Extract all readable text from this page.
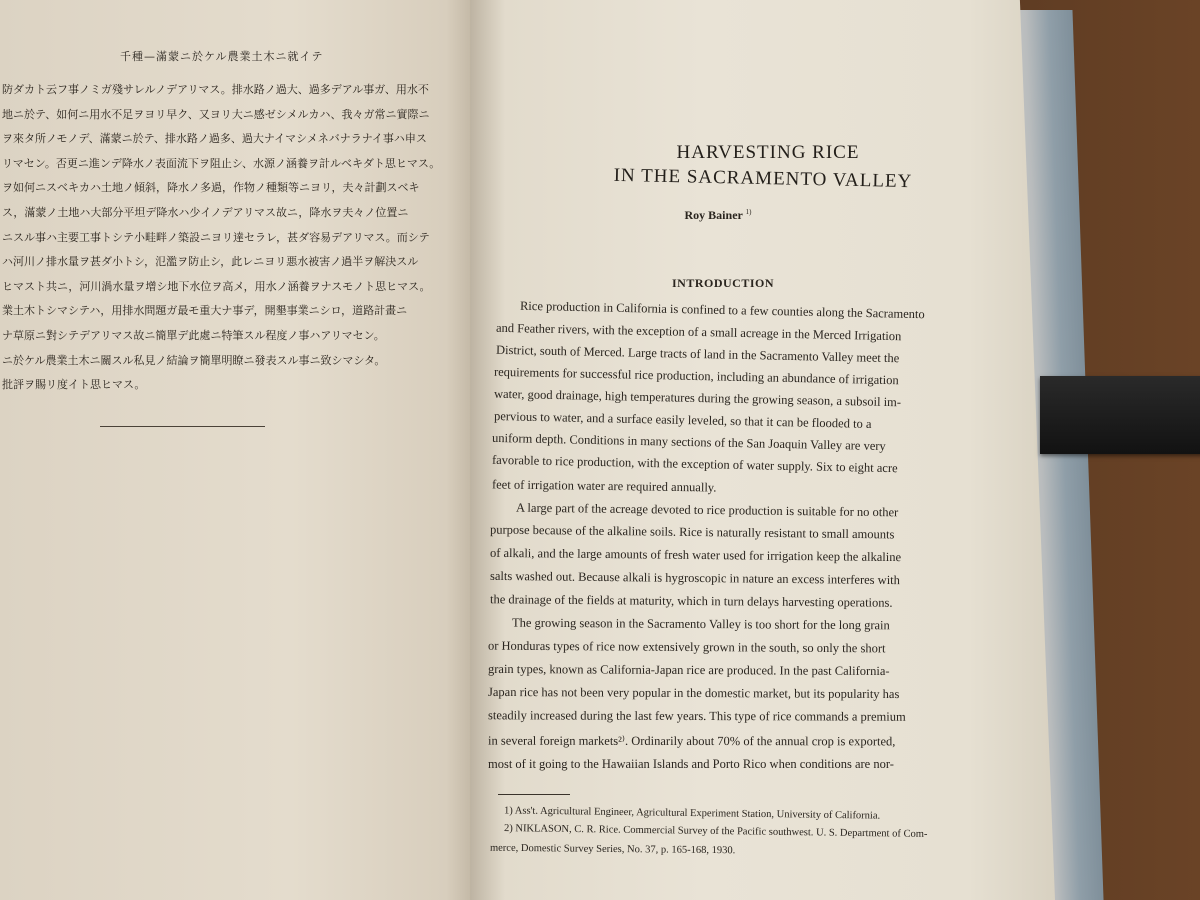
千種—滿蒙ニ於ケル農業土木ニ就イテ
防ダカト云フ事ノミガ殘サレルノデアリマス。排水路ノ過大、過多デアル事ガ、用水不
地ニ於テ、如何ニ用水不足ヲヨリ早ク、又ヨリ大ニ感ゼシメルカハ、我々ガ常ニ實際ニ
ヲ來タ所ノモノデ、滿蒙ニ於テ、排水路ノ過多、過大ナイマシメネバナラナイ事ハ申ス
リマセン。否更ニ進ンデ降水ノ表面流下ヲ阻止シ、水源ノ涵養ヲ計ルベキダト思ヒマス。
ヲ如何ニスベキカハ土地ノ傾斜，降水ノ多過，作物ノ種類等ニヨリ，夫々計劃スベキ
ス，滿蒙ノ土地ハ大部分平坦デ降水ハ少イノデアリマス故ニ，降水ヲ夫々ノ位置ニ
ニスル事ハ主要工事トシテ小畦畔ノ築設ニヨリ達セラレ，甚ダ容易デアリマス。而シテ
ハ河川ノ排水量ヲ甚ダ小トシ，氾濫ヲ防止シ，此レニヨリ悪水被害ノ過半ヲ解決スル
ヒマスト共ニ，河川渦水量ヲ增シ地下水位ヲ高メ，用水ノ涵養ヲナスモノト思ヒマス。
業土木トシマシテハ，用排水問題ガ最モ重大ナ事デ，開墾事業ニシロ，道路計畫ニ
ナ草原ニ對シテデアリマス故ニ簡單デ此處ニ特筆スル程度ノ事ハアリマセン。
ニ於ケル農業土木ニ關スル私見ノ結論ヲ簡單明瞭ニ發表スル事ニ致シマシタ。
批評ヲ賜リ度イト思ヒマス。
HARVESTING RICE
IN THE SACRAMENTO VALLEY
Roy Bainer $^{1)}$
INTRODUCTION
Rice production in California is confined to a few counties along the Sacramento
and Feather rivers, with the exception of a small acreage in the Merced Irrigation
District, south of Merced. Large tracts of land in the Sacramento Valley meet the
requirements for successful rice production, including an abundance of irrigation
water, good drainage, high temperatures during the growing season, a subsoil im-
pervious to water, and a surface easily leveled, so that it can be flooded to a
uniform depth. Conditions in many sections of the San Joaquin Valley are very
favorable to rice production, with the exception of water supply. Six to eight acre
feet of irrigation water are required annually.
A large part of the acreage devoted to rice production is suitable for no other
purpose because of the alkaline soils. Rice is naturally resistant to small amounts
of alkali, and the large amounts of fresh water used for irrigation keep the alkaline
salts washed out. Because alkali is hygroscopic in nature an excess interferes with
the drainage of the fields at maturity, which in turn delays harvesting operations.
The growing season in the Sacramento Valley is too short for the long grain
or Honduras types of rice now extensively grown in the south, so only the short
grain types, known as California-Japan rice are produced. In the past California-
Japan rice has not been very popular in the domestic market, but its popularity has
steadily increased during the last few years. This type of rice commands a premium
in several foreign markets²⁾. Ordinarily about 70% of the annual crop is exported,
most of it going to the Hawaiian Islands and Porto Rico when conditions are nor-
1) Ass't. Agricultural Engineer, Agricultural Experiment Station, University of California.
2) NIKLASON, C. R. Rice. Commercial Survey of the Pacific southwest. U. S. Department of Com-
merce, Domestic Survey Series, No. 37, p. 165-168, 1930.
